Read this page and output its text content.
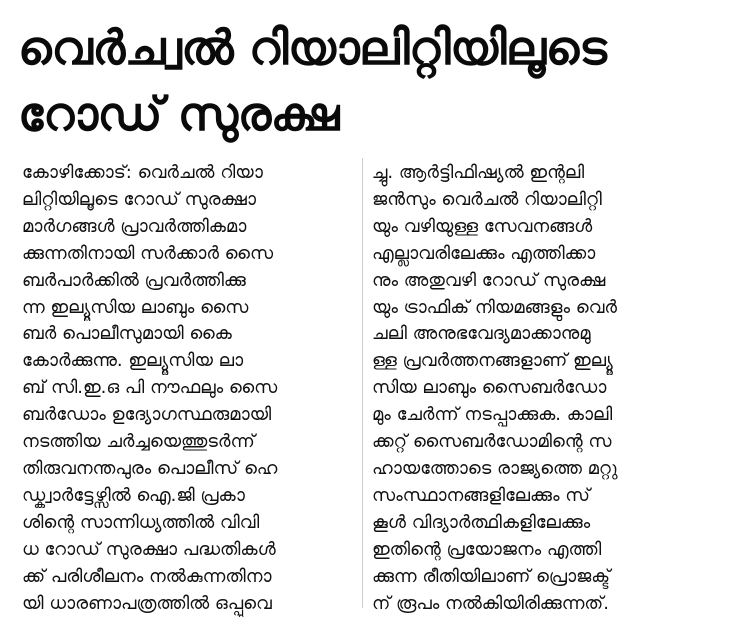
വെർച്വൽ റിയാലിറ്റിയിലൂടെ
റോഡ് സുരക്ഷ
കോഴിക്കോട്: വെർചൽ റിയാ
ലിറ്റിയിലൂടെ റോഡ് സുരക്ഷാ
മാർഗങ്ങൾ പ്രാവർത്തികമാ
ക്കുന്നതിനായി സർക്കാർ സൈ
ബർപാർക്കിൽ പ്രവർത്തിക്കു
ന്ന ഇല്യൂസിയ ലാബും സൈ
ബർ പൊലീസുമായി കൈ
കോർക്കുന്നു. ഇല്യൂസിയ ലാ
ബ് സി.ഇ.ഒ പി നൗഫലും സൈ
ബർഡോം ഉദ്യോഗസ്ഥരുമായി
നടത്തിയ ചർച്ചയെത്തുടർന്ന്
തിരുവനന്തപുരം പൊലീസ് ഹെ
ഡ്ക്വാർട്ടേഴ്സിൽ ഐ.ജി പ്രകാ
ശിന്റെ സാന്നിധ്യത്തിൽ വിവി
ധ റോഡ് സുരക്ഷാ പദ്ധതികൾ
ക്ക് പരിശീലനം നൽകുന്നതിനാ
യി ധാരണാപത്രത്തിൽ ഒപ്പുവെ
ച്ചു. ആർട്ടിഫിഷ്യൽ ഇന്റലി
ജൻസും വെർചൽ റിയാലിറ്റി
യും വഴിയുള്ള സേവനങ്ങൾ
എല്ലാവരിലേക്കും എത്തിക്കാ
നും അതുവഴി റോഡ് സുരക്ഷ
യും ട്രാഫിക് നിയമങ്ങളും വെർ
ചലി അനുഭവേദ്യമാക്കാനുമു
ള്ള പ്രവർത്തനങ്ങളാണ് ഇല്യൂ
സിയ ലാബും സൈബർഡോ
മും ചേർന്ന് നടപ്പാക്കുക. കാലി
ക്കറ്റ് സൈബർഡോമിന്റെ സ
ഹായത്തോടെ രാജ്യത്തെ മറ്റു
സംസ്ഥാനങ്ങളിലേക്കും സ്
കൂൾ വിദ്യാർത്ഥികളിലേക്കും
ഇതിന്റെ പ്രയോജനം എത്തി
ക്കുന്ന രീതിയിലാണ് പ്രൊജക്ട്
ന് രൂപം നൽകിയിരിക്കുന്നത്.
